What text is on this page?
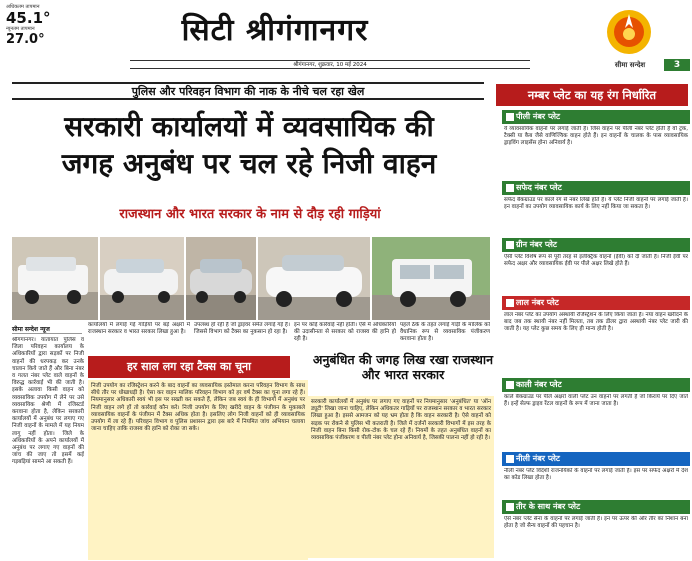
अधिकतम तापमान
45.1°
न्यूनतम तापमान
27.0°	सिटी श्रीगंगानगर
श्रीगंगानगर, शुक्रवार, 10 मई 2024	सीमा सन्देश	3
पुलिस और परिवहन विभाग की नाक के नीचे चल रहा खेल
सरकारी कार्यालयों में व्यवसायिक की
जगह अनुबंध पर चल रहे निजी वाहन
राजस्थान और भारत सरकार के नाम से दौड़ रही गाड़ियां
सीमा सन्देश न्यूज
श्रीगंगानगर। यातायात पुलिस व जिला परिवहन कार्यालय के अधिकारियों द्वारा सड़कों पर निजी वाहनों की धरपकड़ कर उनके चालान किये जाते हैं और बिना नंबर व गलत नंबर प्लेट वाले वाहनों के विरुद्ध कार्रवाई भी की जाती है। इसके अलावा किसी वाहन को व्यवसायिक उपयोग में लेने पर उसे व्यवसायिक श्रेणी में रजिस्टर्ड करवाना होता है, लेकिन सरकारी कार्यालयों में अनुबंध पर लगाए गए निजी वाहनों के मामले में यह नियम लागू नहीं होता। जिले के अधिकारियों के अपने कार्यालयों में अनुबंध पर लगाए गए वाहनों की जांच की जाए तो इसमें कई गड़बड़ियां सामने आ सकती हैं।
कार्यालयों में लगाई गई गाड़ियों पर बड़े अक्षरों में राजस्थान सरकार व भारत सरकार लिखा हुआ है।
उपलब्ध हो रही है जो ड्राइवर समेत लगाई गई हैं। जिससे विभाग को टैक्स का नुकसान हो रहा है।
इन पर कोई कार्रवाई नहीं होती। ऐसे में अधिकारियों की उदासीनता से सरकार को राजस्व की हानि हो रही है।
पहले ठेके के तहत लगाई गाड़ी के मालिक को वैधानिक रूप से व्यवसायिक पंजीकरण करवाना होता है।
हर साल लग रहा टैक्स का चूना
निजी उपयोग का रजिस्ट्रेशन करने के बाद वाहनों का व्यवसायिक इस्तेमाल करना परिवहन विभाग के साथ सीधे तौर पर धोखाधड़ी है। ऐसा कर वाहन मालिक परिवहन विभाग को हर वर्ष टैक्स का चूना लगा रहे हैं। नियमानुसार अधिकारी स्वयं भी इस पर सख्ती कर सकते हैं, लेकिन जब स्वयं के ही विभागों में अनुबंध पर निजी वाहन लगे हों तो कार्रवाई कौन करे। निजी उपयोग के लिए खरीदे वाहन के पंजीयन के मुकाबले व्यावसायिक वाहनों के पंजीयन में टैक्स अधिक होता है। इसलिए लोग निजी वाहनों को ही व्यावसायिक उपयोग में ला रहे हैं। परिवहन विभाग व पुलिस प्रशासन द्वारा इस बारे में नियमित जांच अभियान चलाया जाना चाहिए ताकि राजस्व की हानि को रोका जा सके।
अनुबंधित की जगह लिख रखा राजस्थान और भारत सरकार
सरकारी कार्यालयों में अनुबंध पर लगाए गए वाहनों पर नियमानुसार 'अनुबंधित' या 'ऑन ड्यूटी' लिखा जाना चाहिए, लेकिन अधिकतर गाड़ियों पर राजस्थान सरकार व भारत सरकार लिखा हुआ है। इससे आमजन को यह भ्रम होता है कि वाहन सरकारी है। ऐसे वाहनों को सड़क पर रोकने से पुलिस भी कतराती है। जिले में दर्जनों सरकारी विभागों में इस तरह के निजी वाहन बिना किसी रोक-टोक के चल रहे हैं। नियमों के तहत अनुबंधित वाहनों का व्यवसायिक पंजीकरण व पीली नंबर प्लेट होना अनिवार्य है, जिसकी पालना नहीं हो रही है।
नम्बर प्लेट का यह रंग निर्धारित
पीली नंबर प्लेट
ये व्यावसायिक वाहनों पर लगाई जाती है। जिस वाहन पर पीली नंबर प्लेट होती है वो ट्रक, टैक्सी या कैब जैसे वाणिज्यिक वाहन होते हैं। इन वाहनों के चालक के पास व्यावसायिक ड्राइविंग लाइसेंस होना अनिवार्य है।
सफेद नंबर प्लेट
सफेद बैकग्राउंड पर काले रंग से नंबर लिखे होते हैं। ये प्लेट निजी वाहनों पर लगाई जाती है। इन वाहनों का उपयोग व्यावसायिक कार्य के लिए नहीं किया जा सकता है।
ग्रीन नंबर प्लेट
ऐसी प्लेट विशेष रूप से पूरी तरह से इलेक्ट्रिक वाहनों (ईवी) को दी जाती है। निजी ईवी पर सफेद अक्षर और व्यावसायिक ईवी पर पीले अक्षर लिखे होते हैं।
लाल नंबर प्लेट
लाल नंबर प्लेट का उपयोग अस्थायी रजिस्ट्रेशन के लिए किया जाता है। नया वाहन खरीदने के बाद जब तक स्थायी नंबर नहीं मिलता, तब तक डीलर द्वारा अस्थायी नंबर प्लेट जारी की जाती है। यह प्लेट कुछ समय के लिए ही मान्य होती है।
काली नंबर प्लेट
काले बैकग्राउंड पर पीले अक्षरों वाली प्लेट उन वाहनों पर लगती है जो किराये पर दिए जाते हैं। इन्हें सेल्फ ड्राइव रेंटल वाहनों के रूप में जाना जाता है।
नीली नंबर प्लेट
नीली नंबर प्लेट विदेशी राजनयिकों के वाहनों पर लगाई जाती है। इस पर सफेद अक्षरों में देश का कोड लिखा होता है।
तीर के साथ नंबर प्लेट
ऐसे नंबर प्लेट सेना के वाहनों पर लगाई जाती है। इन पर ऊपर की ओर तीर का निशान बना होता है जो सैन्य वाहनों की पहचान है।
